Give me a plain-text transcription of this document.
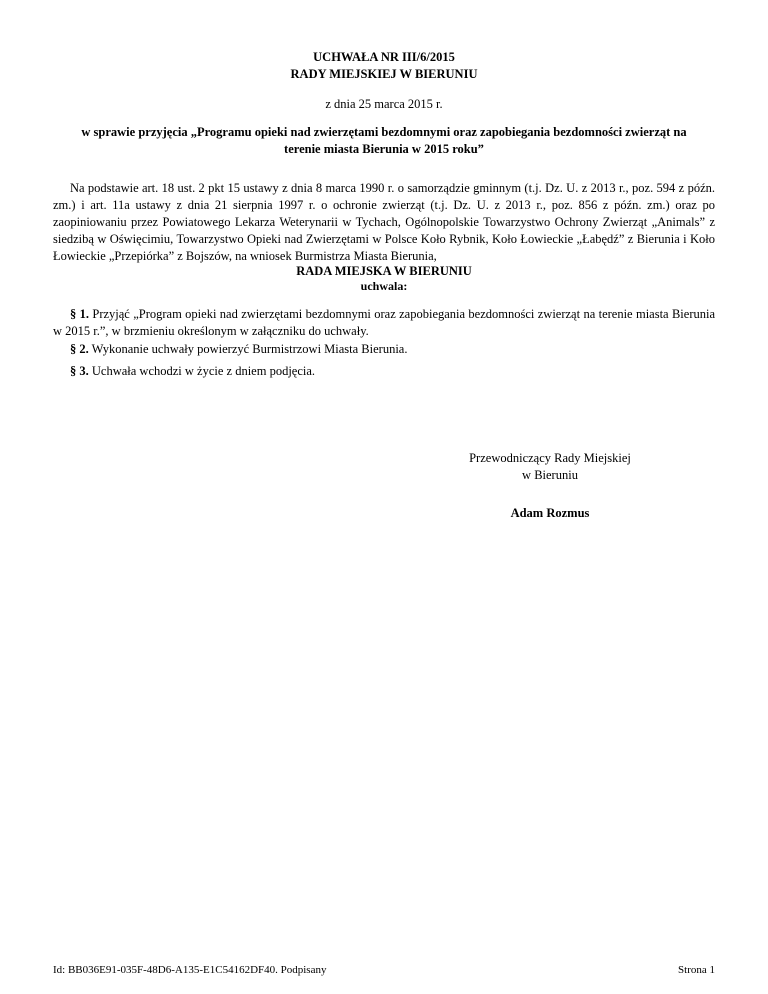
UCHWAŁA NR III/6/2015
RADY MIEJSKIEJ W BIERUNIU
z dnia 25 marca 2015 r.
w sprawie przyjęcia „Programu opieki nad zwierzętami bezdomnymi oraz zapobiegania bezdomności zwierząt na terenie miasta Bierunia w 2015 roku”

Na podstawie art. 18 ust. 2 pkt 15 ustawy z dnia 8 marca 1990 r. o samorządzie gminnym (t.j. Dz. U. z 2013 r., poz. 594 z późn. zm.) i art. 11a ustawy z dnia 21 sierpnia 1997 r. o ochronie zwierząt (t.j. Dz. U. z 2013 r., poz. 856 z późn. zm.) oraz po zaopiniowaniu przez Powiatowego Lekarza Weterynarii w Tychach, Ogólnopolskie Towarzystwo Ochrony Zwierząt „Animals” z siedzibą w Oświęcimiu, Towarzystwo Opieki nad Zwierzętami w Polsce Koło Rybnik, Koło Łowieckie „Łabędź” z Bierunia i Koło Łowieckie „Przepiórka” z Bojszów, na wniosek Burmistrza Miasta Bierunia,

RADA MIEJSKA W BIERUNIU
uchwala:
§ 1. Przyjąć „Program opieki nad zwierzętami bezdomnymi oraz zapobiegania bezdomności zwierząt na terenie miasta Bierunia w 2015 r.”, w brzmieniu określonym w załączniku do uchwały.
§ 2. Wykonanie uchwały powierzyć Burmistrzowi Miasta Bierunia.
§ 3. Uchwała wchodzi w życie z dniem podjęcia.
Przewodniczący Rady Miejskiej
w Bieruniu
Adam Rozmus
Id: BB036E91-035F-48D6-A135-E1C54162DF40. Podpisany	Strona 1
